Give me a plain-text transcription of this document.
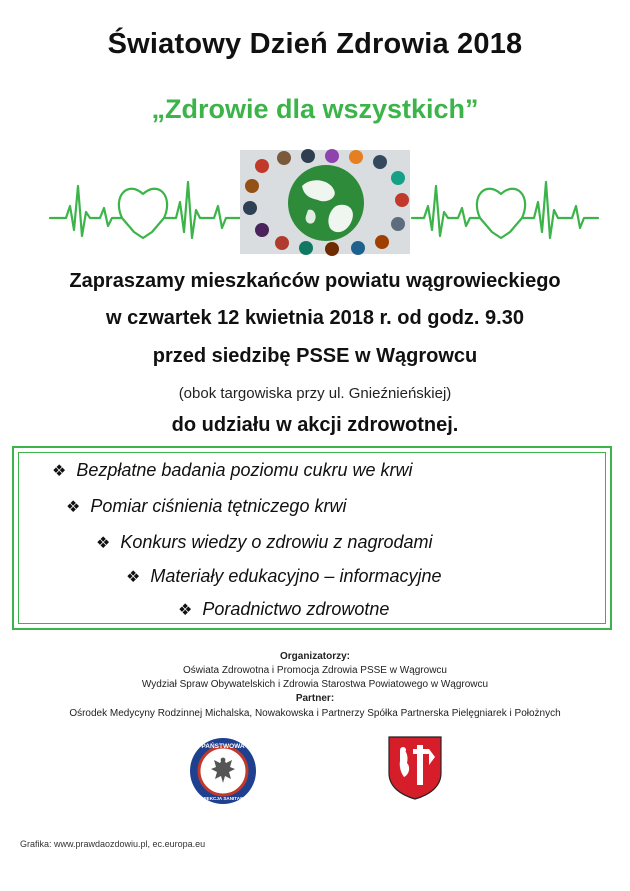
Światowy Dzień Zdrowia 2018
„Zdrowie dla wszystkich”
Zapraszamy mieszkańców powiatu wągrowieckiego
w czwartek 12 kwietnia 2018 r. od godz. 9.30
przed siedzibę PSSE w Wągrowcu
(obok targowiska przy ul. Gnieźnieńskiej)
do udziału w akcji zdrowotnej.
❖ Bezpłatne badania poziomu cukru we krwi
❖ Pomiar ciśnienia tętniczego krwi
❖ Konkurs wiedzy o zdrowiu z nagrodami
❖ Materiały edukacyjno – informacyjne
❖ Poradnictwo zdrowotne
Organizatorzy:
Oświata Zdrowotna i Promocja Zdrowia PSSE w Wągrowcu
Wydział Spraw Obywatelskich i Zdrowia Starostwa Powiatowego w Wągrowcu
Partner:
Ośrodek Medycyny Rodzinnej Michalska, Nowakowska i Partnerzy Spółka Partnerska Pielęgniarek i Położnych
PAŃSTWOWA
INSPEKCJA SANITARNA
Grafika: www.prawdaozdowiu.pl, ec.europa.eu
